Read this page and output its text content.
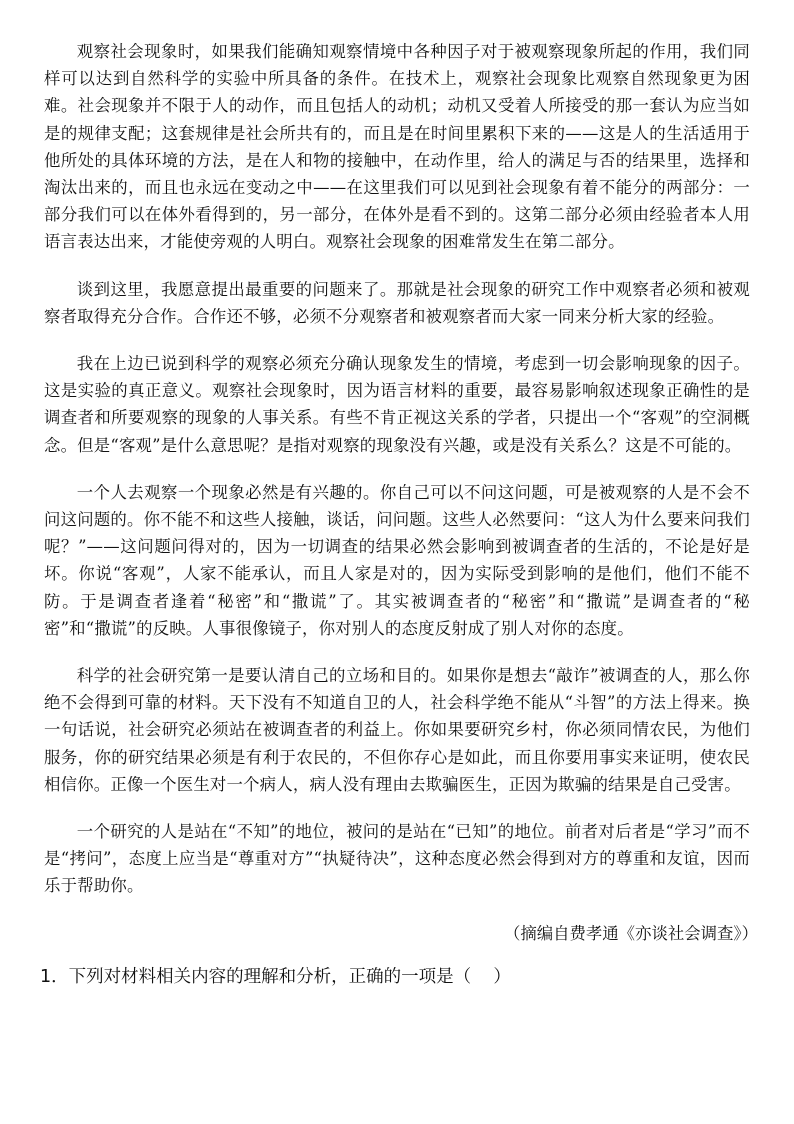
观察社会现象时，如果我们能确知观察情境中各种因子对于被观察现象所起的作用，我们同样可以达到自然科学的实验中所具备的条件。在技术上，观察社会现象比观察自然现象更为困难。社会现象并不限于人的动作，而且包括人的动机；动机又受着人所接受的那一套认为应当如是的规律支配；这套规律是社会所共有的，而且是在时间里累积下来的——这是人的生活适用于他所处的具体环境的方法，是在人和物的接触中，在动作里，给人的满足与否的结果里，选择和淘汰出来的，而且也永远在变动之中——在这里我们可以见到社会现象有着不能分的两部分：一部分我们可以在体外看得到的，另一部分，在体外是看不到的。这第二部分必须由经验者本人用语言表达出来，才能使旁观的人明白。观察社会现象的困难常发生在第二部分。

谈到这里，我愿意提出最重要的问题来了。那就是社会现象的研究工作中观察者必须和被观察者取得充分合作。合作还不够，必须不分观察者和被观察者而大家一同来分析大家的经验。

我在上边已说到科学的观察必须充分确认现象发生的情境，考虑到一切会影响现象的因子。这是实验的真正意义。观察社会现象时，因为语言材料的重要，最容易影响叙述现象正确性的是调查者和所要观察的现象的人事关系。有些不肯正视这关系的学者，只提出一个“客观”的空洞概念。但是“客观”是什么意思呢？是指对观察的现象没有兴趣，或是没有关系么？这是不可能的。

一个人去观察一个现象必然是有兴趣的。你自己可以不问这问题，可是被观察的人是不会不问这问题的。你不能不和这些人接触，谈话，问问题。这些人必然要问：“这人为什么要来问我们呢？”——这问题问得对的，因为一切调查的结果必然会影响到被调查者的生活的，不论是好是坏。你说“客观”，人家不能承认，而且人家是对的，因为实际受到影响的是他们，他们不能不防。于是调查者逢着“秘密”和“撒谎”了。其实被调查者的“秘密”和“撒谎”是调查者的“秘密”和“撒谎”的反映。人事很像镜子，你对别人的态度反射成了别人对你的态度。

科学的社会研究第一是要认清自己的立场和目的。如果你是想去“敲诈”被调查的人，那么你绝不会得到可靠的材料。天下没有不知道自卫的人，社会科学绝不能从“斗智”的方法上得来。换一句话说，社会研究必须站在被调查者的利益上。你如果要研究乡村，你必须同情农民，为他们服务，你的研究结果必须是有利于农民的，不但你存心是如此，而且你要用事实来证明，使农民相信你。正像一个医生对一个病人，病人没有理由去欺骗医生，正因为欺骗的结果是自己受害。

一个研究的人是站在“不知”的地位，被问的是站在“已知”的地位。前者对后者是“学习”而不是“拷问”，态度上应当是“尊重对方”“执疑待决”，这种态度必然会得到对方的尊重和友谊，因而乐于帮助你。

（摘编自费孝通《亦谈社会调查》）

1．下列对材料相关内容的理解和分析，正确的一项是（    ）
